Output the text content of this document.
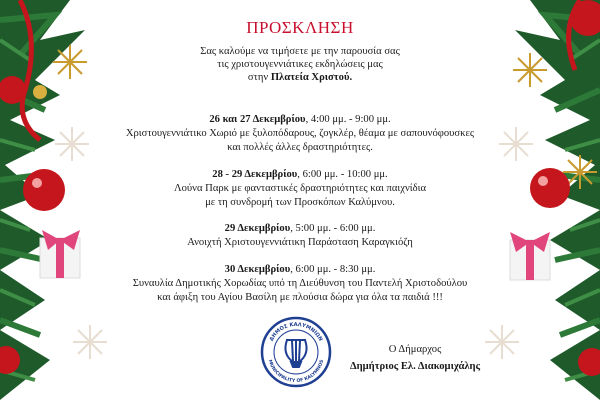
ΠΡΟΣΚΛΗΣΗ
Σας καλούμε να τιμήσετε με την παρουσία σας
τις χριστουγεννιάτικες εκδηλώσεις μας
στην Πλατεία Χριστού.
26 και 27 Δεκεμβρίου, 4:00 μμ. - 9:00 μμ.
Χριστουγεννιάτικο Χωριό με ξυλοπόδαρους, ζογκλέρ, θέαμα με σαπουνόφουσκες
και πολλές άλλες δραστηριότητες.
28 - 29 Δεκεμβρίου, 6:00 μμ. - 10:00 μμ.
Λούνα Παρκ με φανταστικές δραστηριότητες και παιχνίδια
με τη συνδρομή των Προσκόπων Καλύμνου.
29 Δεκεμβρίου, 5:00 μμ. - 6:00 μμ.
Ανοιχτή Χριστουγεννιάτικη Παράσταση Καραγκιόζη
30 Δεκεμβρίου, 6:00 μμ. - 8:30 μμ.
Συναυλία Δημοτικής Χορωδίας υπό τη Διεύθυνση του Παντελή Χριστοδούλου
και άφιξη του Αγίου Βασίλη με πλούσια δώρα για όλα τα παιδιά !!!
ΔΗΜΟΣ ΚΑΛΥΜΝΙΩΝ
MUNICIPALITY OF KALYMNOS
Ο Δήμαρχος
Δημήτριος Ελ. Διακομιχάλης
